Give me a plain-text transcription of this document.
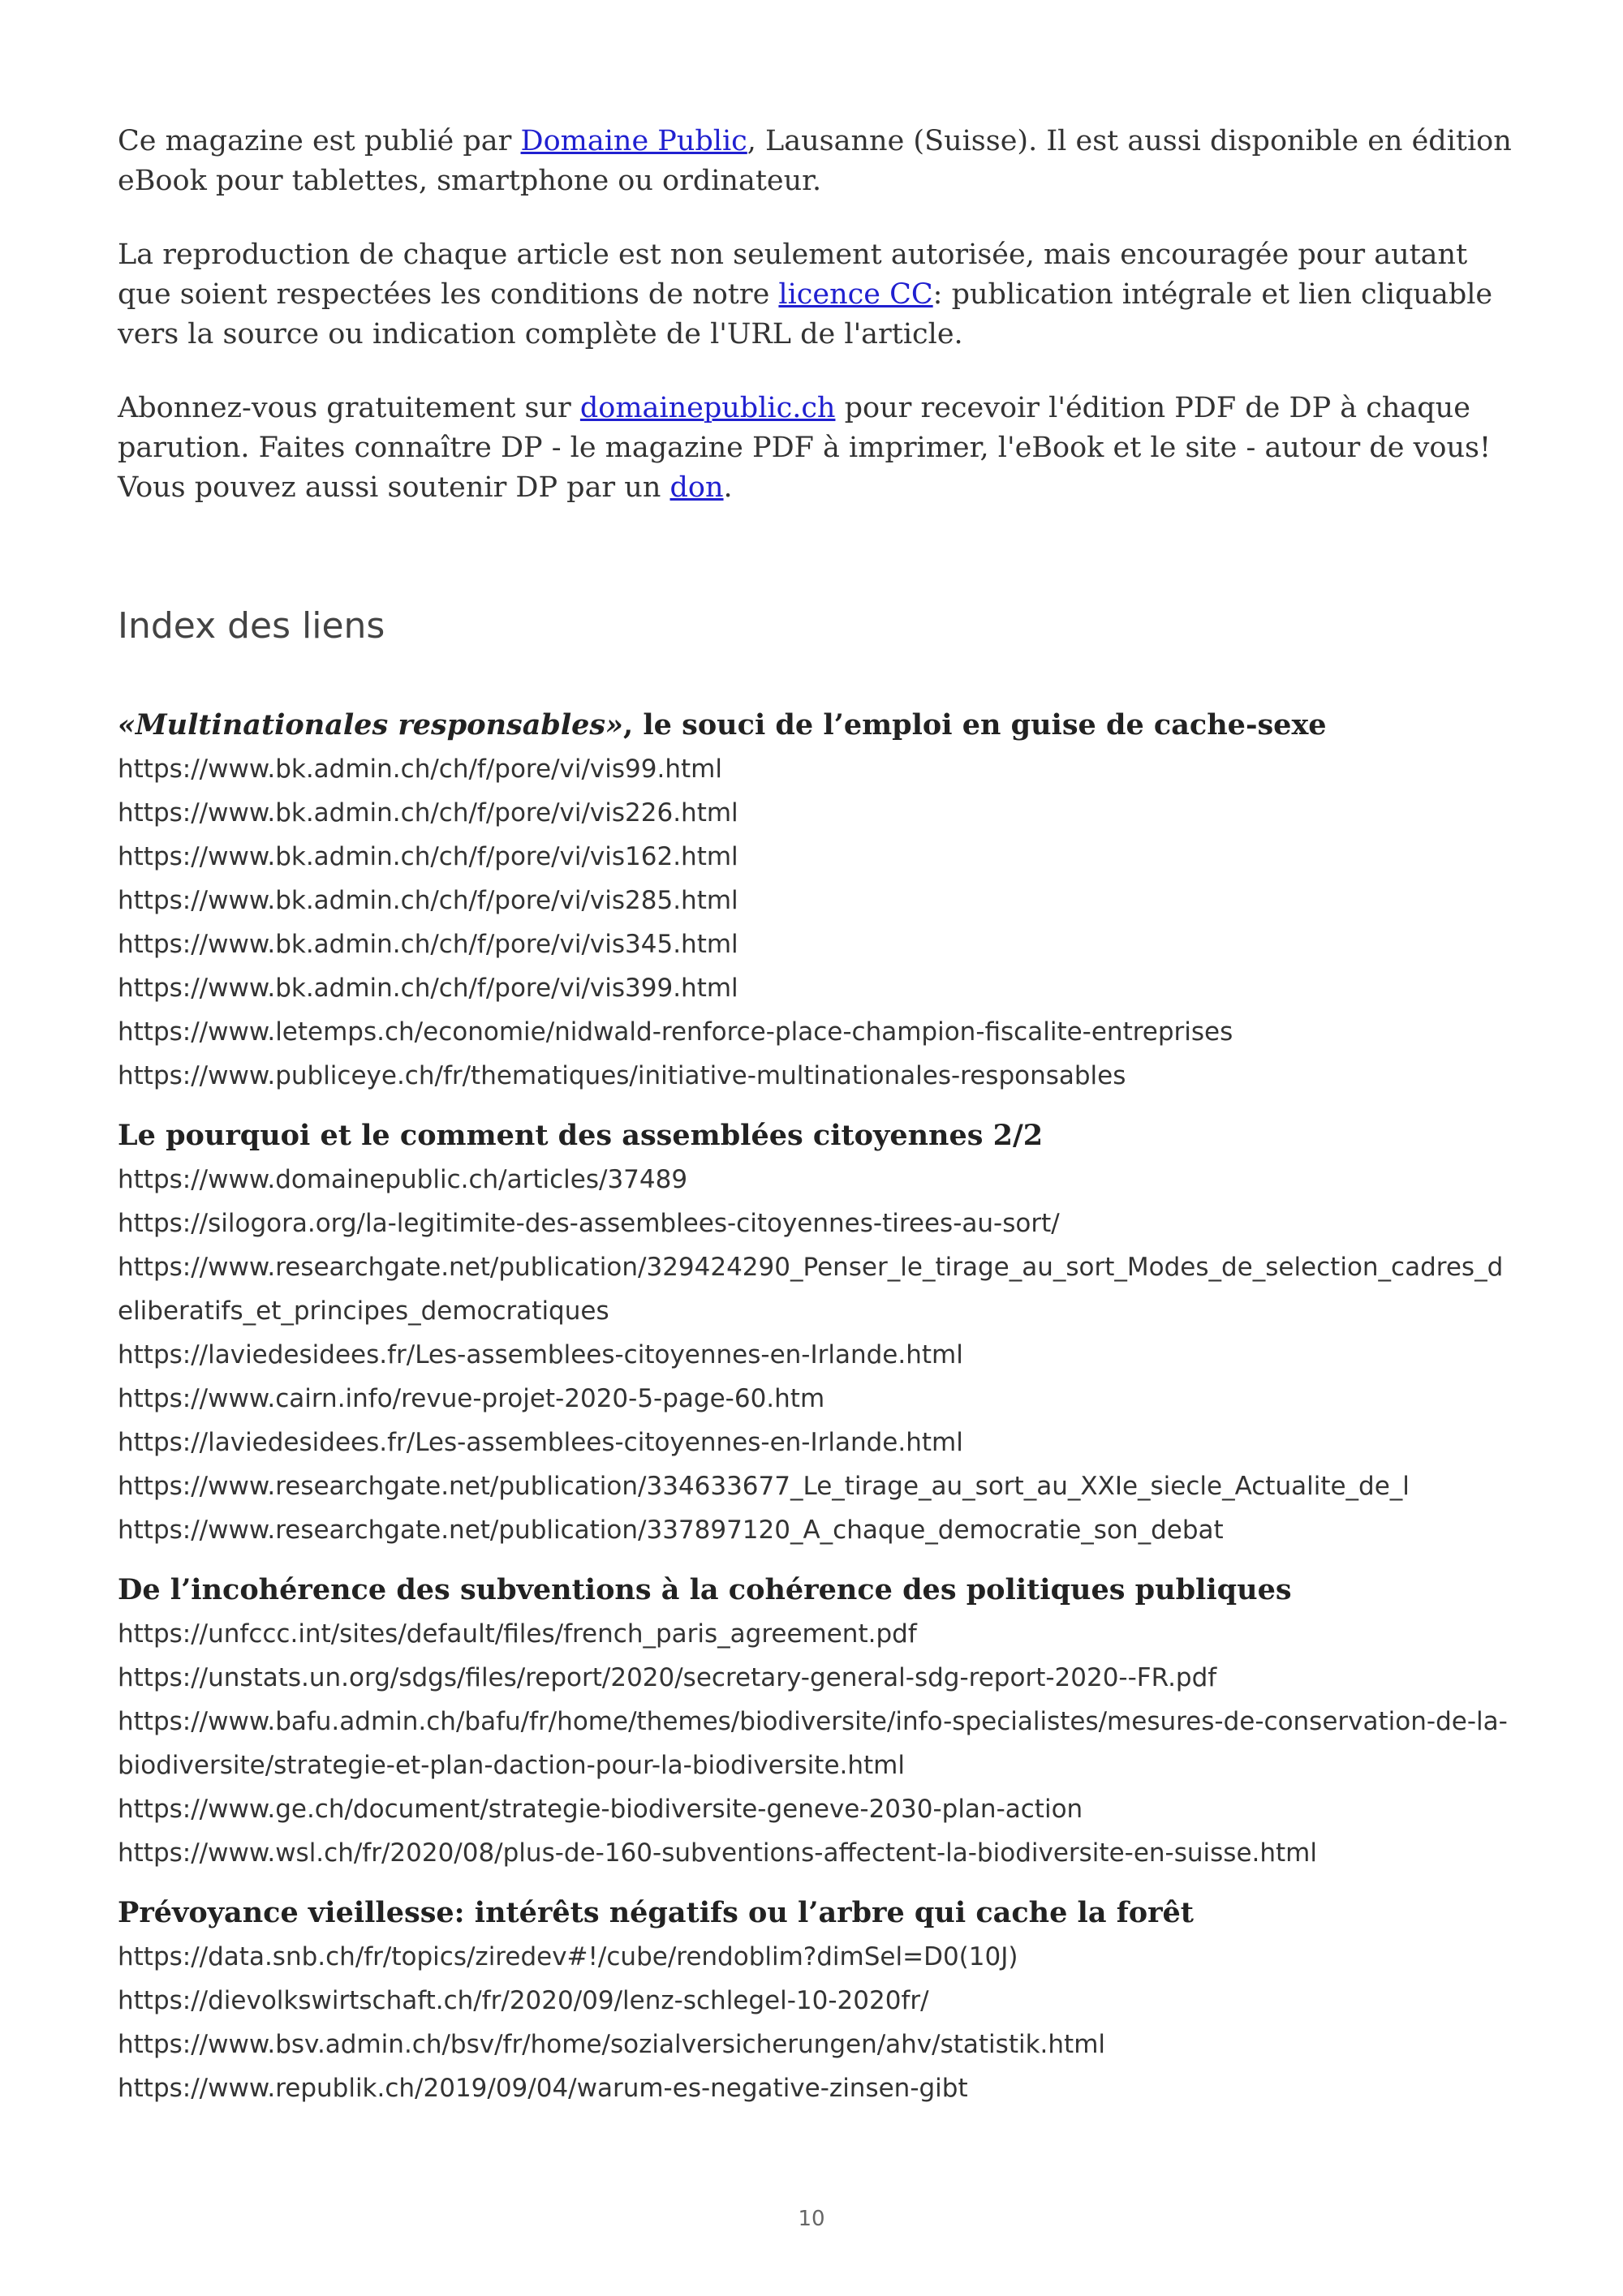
Ce magazine est publié par Domaine Public, Lausanne (Suisse). Il est aussi disponible en édition eBook pour tablettes, smartphone ou ordinateur.

La reproduction de chaque article est non seulement autorisée, mais encouragée pour autant que soient respectées les conditions de notre licence CC: publication intégrale et lien cliquable vers la source ou indication complète de l'URL de l'article.

Abonnez-vous gratuitement sur domainepublic.ch pour recevoir l'édition PDF de DP à chaque parution. Faites connaître DP - le magazine PDF à imprimer, l'eBook et le site - autour de vous! Vous pouvez aussi soutenir DP par un don.

Index des liens

«Multinationales responsables», le souci de l’emploi en guise de cache-sexe

https://www.bk.admin.ch/ch/f/pore/vi/vis99.html
https://www.bk.admin.ch/ch/f/pore/vi/vis226.html
https://www.bk.admin.ch/ch/f/pore/vi/vis162.html
https://www.bk.admin.ch/ch/f/pore/vi/vis285.html
https://www.bk.admin.ch/ch/f/pore/vi/vis345.html
https://www.bk.admin.ch/ch/f/pore/vi/vis399.html
https://www.letemps.ch/economie/nidwald-renforce-place-champion-fiscalite-entreprises
https://www.publiceye.ch/fr/thematiques/initiative-multinationales-responsables

Le pourquoi et le comment des assemblées citoyennes 2/2

https://www.domainepublic.ch/articles/37489
https://silogora.org/la-legitimite-des-assemblees-citoyennes-tirees-au-sort/
https://www.researchgate.net/publication/329424290_Penser_le_tirage_au_sort_Modes_de_selection_cadres_deliberatifs_et_principes_democratiques
https://laviedesidees.fr/Les-assemblees-citoyennes-en-Irlande.html
https://www.cairn.info/revue-projet-2020-5-page-60.htm
https://laviedesidees.fr/Les-assemblees-citoyennes-en-Irlande.html
https://www.researchgate.net/publication/334633677_Le_tirage_au_sort_au_XXIe_siecle_Actualite_de_l
https://www.researchgate.net/publication/337897120_A_chaque_democratie_son_debat

De l’incohérence des subventions à la cohérence des politiques publiques

https://unfccc.int/sites/default/files/french_paris_agreement.pdf
https://unstats.un.org/sdgs/files/report/2020/secretary-general-sdg-report-2020--FR.pdf
https://www.bafu.admin.ch/bafu/fr/home/themes/biodiversite/info-specialistes/mesures-de-conservation-de-la-biodiversite/strategie-et-plan-daction-pour-la-biodiversite.html
https://www.ge.ch/document/strategie-biodiversite-geneve-2030-plan-action
https://www.wsl.ch/fr/2020/08/plus-de-160-subventions-affectent-la-biodiversite-en-suisse.html

Prévoyance vieillesse: intérêts négatifs ou l’arbre qui cache la forêt

https://data.snb.ch/fr/topics/ziredev#!/cube/rendoblim?dimSel=D0(10J)
https://dievolkswirtschaft.ch/fr/2020/09/lenz-schlegel-10-2020fr/
https://www.bsv.admin.ch/bsv/fr/home/sozialversicherungen/ahv/statistik.html
https://www.republik.ch/2019/09/04/warum-es-negative-zinsen-gibt
10
